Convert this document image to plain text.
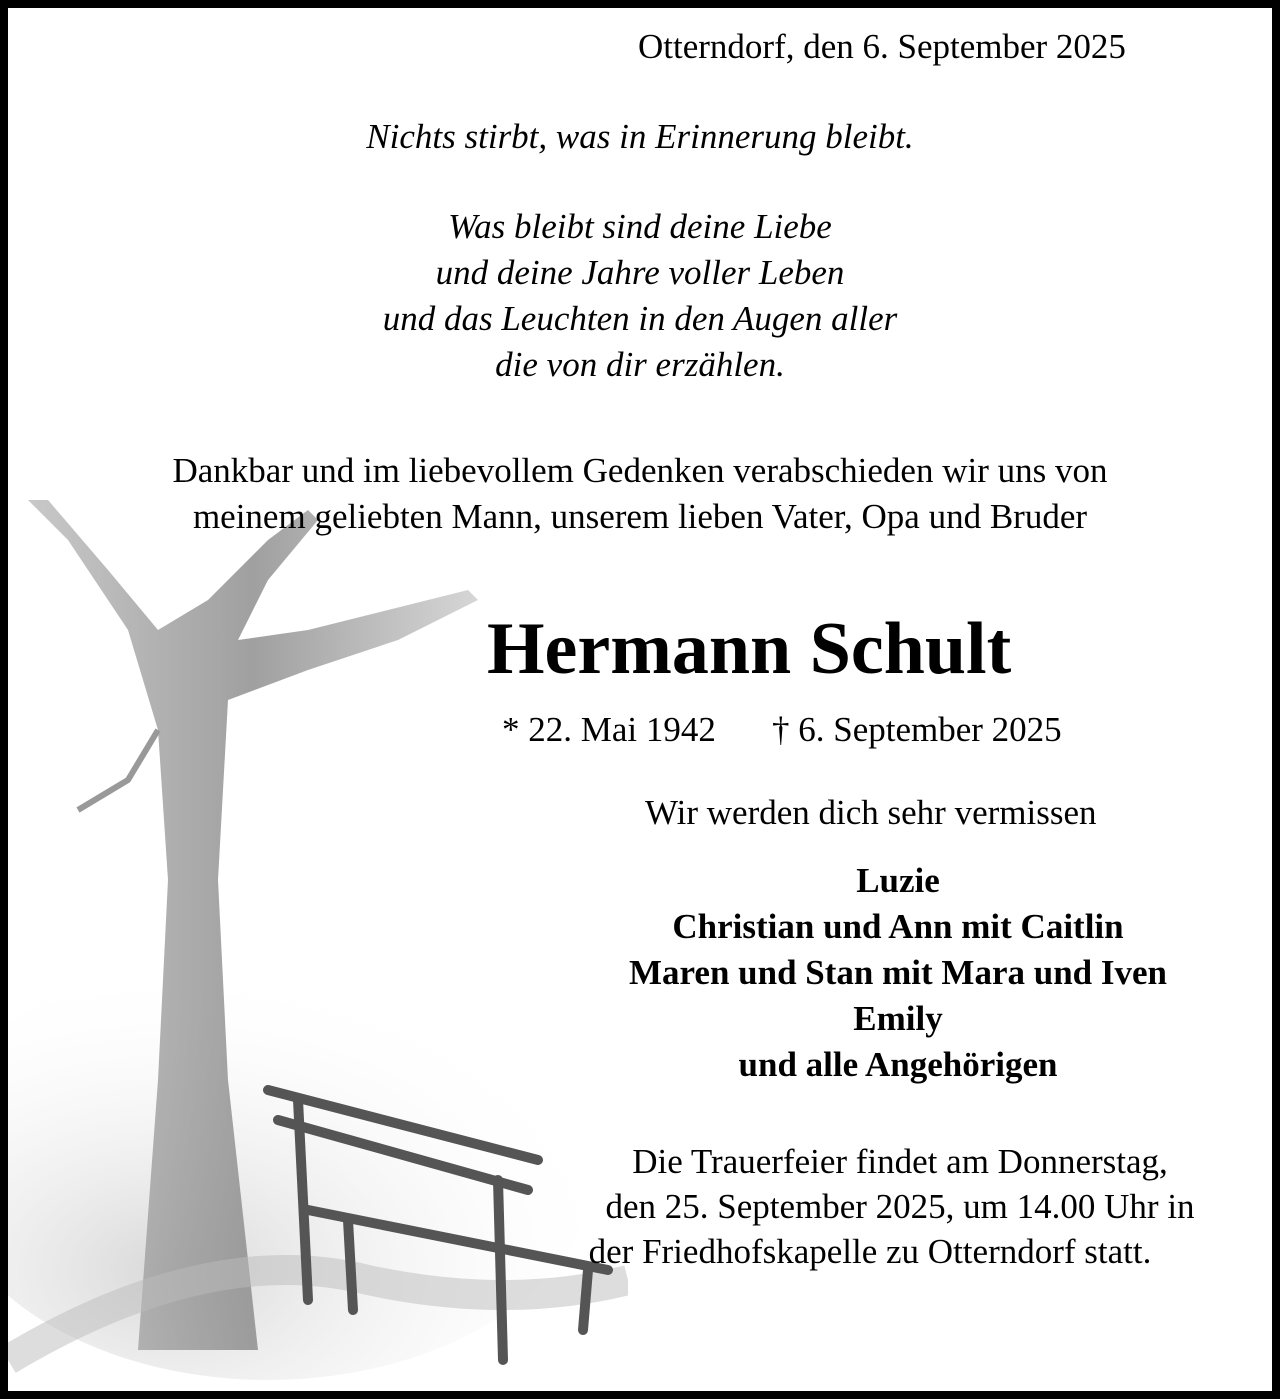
Otterndorf, den 6. September 2025
Nichts stirbt, was in Erinnerung bleibt.
Was bleibt sind deine Liebe
und deine Jahre voller Leben
und das Leuchten in den Augen aller
die von dir erzählen.
Dankbar und im liebevollem Gedenken verabschieden wir uns von
meinem geliebten Mann, unserem lieben Vater, Opa und Bruder
Hermann Schult
* 22. Mai 1942 † 6. September 2025
Wir werden dich sehr vermissen
Luzie
Christian und Ann mit Caitlin
Maren und Stan mit Mara und Iven
Emily
und alle Angehörigen
Die Trauerfeier findet am Donnerstag,
den 25. September 2025, um 14.00 Uhr in
der Friedhofskapelle zu Otterndorf statt.
